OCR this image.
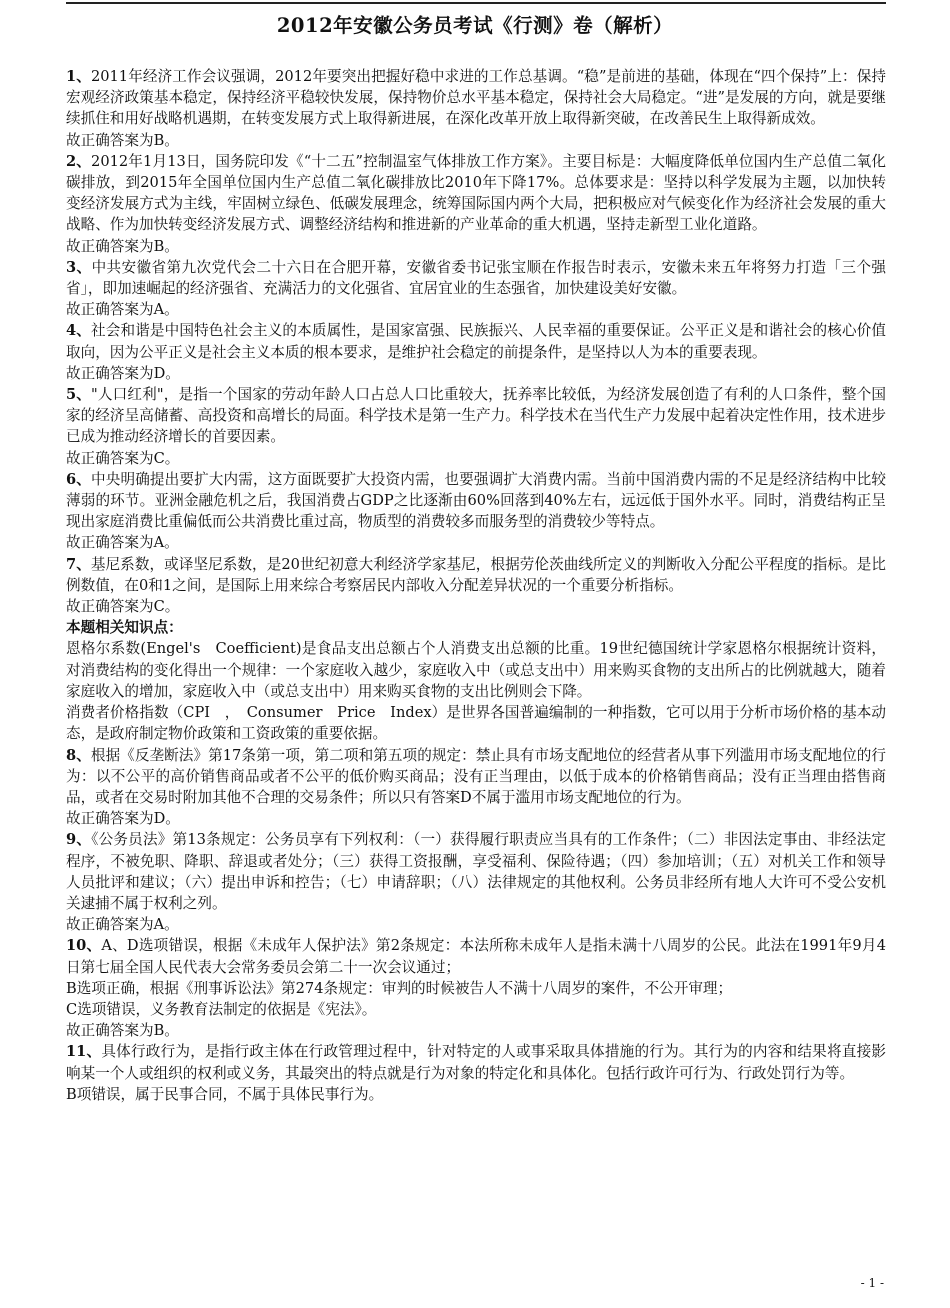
2012年安徽公务员考试《行测》卷（解析）

1、2011年经济工作会议强调，2012年要突出把握好稳中求进的工作总基调。“稳”是前进的基础，体现在“四个保持”上：保持宏观经济政策基本稳定，保持经济平稳较快发展，保持物价总水平基本稳定，保持社会大局稳定。“进”是发展的方向，就是要继续抓住和用好战略机遇期，在转变发展方式上取得新进展，在深化改革开放上取得新突破，在改善民生上取得新成效。

故正确答案为B。

2、2012年1月13日，国务院印发《“十二五”控制温室气体排放工作方案》。主要目标是：大幅度降低单位国内生产总值二氧化碳排放，到2015年全国单位国内生产总值二氧化碳排放比2010年下降17%。总体要求是：坚持以科学发展为主题，以加快转变经济发展方式为主线，牢固树立绿色、低碳发展理念，统筹国际国内两个大局，把积极应对气候变化作为经济社会发展的重大战略、作为加快转变经济发展方式、调整经济结构和推进新的产业革命的重大机遇，坚持走新型工业化道路。

故正确答案为B。

3、中共安徽省第九次党代会二十六日在合肥开幕，安徽省委书记张宝顺在作报告时表示，安徽未来五年将努力打造「三个强省」，即加速崛起的经济强省、充满活力的文化强省、宜居宜业的生态强省，加快建设美好安徽。

故正确答案为A。

4、社会和谐是中国特色社会主义的本质属性，是国家富强、民族振兴、人民幸福的重要保证。公平正义是和谐社会的核心价值取向，因为公平正义是社会主义本质的根本要求，是维护社会稳定的前提条件，是坚持以人为本的重要表现。

故正确答案为D。

5、"人口红利"，是指一个国家的劳动年龄人口占总人口比重较大，抚养率比较低，为经济发展创造了有利的人口条件，整个国家的经济呈高储蓄、高投资和高增长的局面。科学技术是第一生产力。科学技术在当代生产力发展中起着决定性作用，技术进步已成为推动经济增长的首要因素。

故正确答案为C。

6、中央明确提出要扩大内需，这方面既要扩大投资内需，也要强调扩大消费内需。当前中国消费内需的不足是经济结构中比较薄弱的环节。亚洲金融危机之后，我国消费占GDP之比逐渐由60%回落到40%左右，远远低于国外水平。同时，消费结构正呈现出家庭消费比重偏低而公共消费比重过高，物质型的消费较多而服务型的消费较少等特点。

故正确答案为A。

7、基尼系数，或译坚尼系数，是20世纪初意大利经济学家基尼，根据劳伦茨曲线所定义的判断收入分配公平程度的指标。是比例数值，在0和1之间，是国际上用来综合考察居民内部收入分配差异状况的一个重要分析指标。

故正确答案为C。

本题相关知识点：

恩格尔系数(Engel's　Coefficient)是食品支出总额占个人消费支出总额的比重。19世纪德国统计学家恩格尔根据统计资料，对消费结构的变化得出一个规律：一个家庭收入越少，家庭收入中（或总支出中）用来购买食物的支出所占的比例就越大，随着家庭收入的增加，家庭收入中（或总支出中）用来购买食物的支出比例则会下降。

消费者价格指数（CPI　，　Consumer　Price　Index）是世界各国普遍编制的一种指数，它可以用于分析市场价格的基本动态，是政府制定物价政策和工资政策的重要依据。

8、根据《反垄断法》第17条第一项，第二项和第五项的规定：禁止具有市场支配地位的经营者从事下列滥用市场支配地位的行为：以不公平的高价销售商品或者不公平的低价购买商品；没有正当理由，以低于成本的价格销售商品；没有正当理由搭售商品，或者在交易时附加其他不合理的交易条件；所以只有答案D不属于滥用市场支配地位的行为。

故正确答案为D。

9、《公务员法》第13条规定：公务员享有下列权利：（一）获得履行职责应当具有的工作条件；（二）非因法定事由、非经法定程序，不被免职、降职、辞退或者处分；（三）获得工资报酬，享受福利、保险待遇；（四）参加培训；（五）对机关工作和领导人员批评和建议；（六）提出申诉和控告；（七）申请辞职；（八）法律规定的其他权利。公务员非经所有地人大许可不受公安机关逮捕不属于权利之列。

故正确答案为A。

10、A、D选项错误，根据《未成年人保护法》第2条规定：本法所称未成年人是指未满十八周岁的公民。此法在1991年9月4日第七届全国人民代表大会常务委员会第二十一次会议通过；

B选项正确，根据《刑事诉讼法》第274条规定：审判的时候被告人不满十八周岁的案件，不公开审理；

C选项错误，义务教育法制定的依据是《宪法》。

故正确答案为B。

11、具体行政行为，是指行政主体在行政管理过程中，针对特定的人或事采取具体措施的行为。其行为的内容和结果将直接影响某一个人或组织的权利或义务，其最突出的特点就是行为对象的特定化和具体化。包括行政许可行为、行政处罚行为等。

B项错误，属于民事合同，不属于具体民事行为。

- 1 -
